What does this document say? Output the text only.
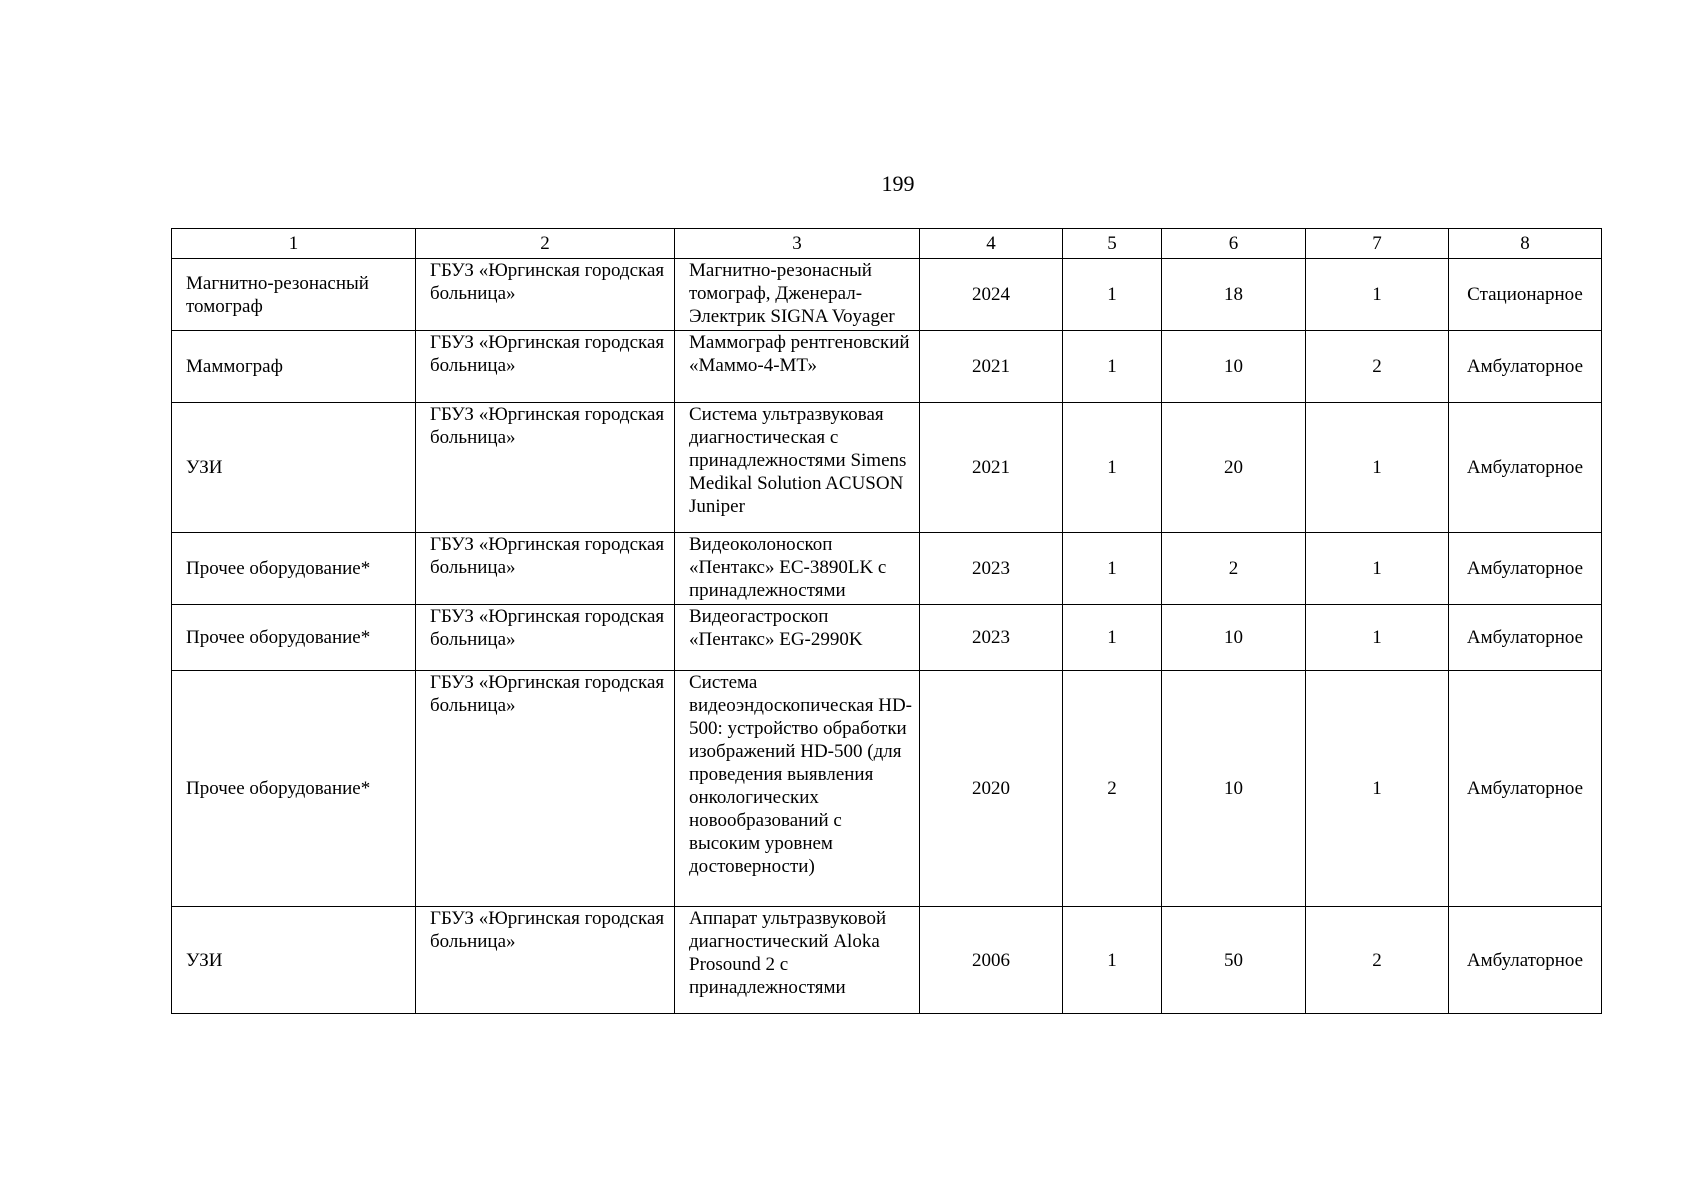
199
1	2	3	4	5	6	7	8
Магнитно-резонасный томограф	ГБУЗ «Юргинская городская больница»	Магнитно-резонасный томограф, Дженерал-Электрик SIGNA Voyager	2024	1	18	1	Стационарное
Маммограф	ГБУЗ «Юргинская городская больница»	Маммограф рентгеновский «Маммо-4-МТ»	2021	1	10	2	Амбулаторное
УЗИ	ГБУЗ «Юргинская городская больница»	Система ультразвуковая диагностическая с принадлежностями Simens Medikal Solution ACUSON Juniper	2021	1	20	1	Амбулаторное
Прочее оборудование*	ГБУЗ «Юргинская городская больница»	Видеоколоноскоп «Пентакс» EC-3890LK с принадлежностями	2023	1	2	1	Амбулаторное
Прочее оборудование*	ГБУЗ «Юргинская городская больница»	Видеогастроскоп «Пентакс» EG-2990K	2023	1	10	1	Амбулаторное
Прочее оборудование*	ГБУЗ «Юргинская городская больница»	Система видеоэндоскопическая HD-500: устройство обработки изображений HD-500 (для проведения выявления онкологических новообразований с высоким уровнем достоверности)	2020	2	10	1	Амбулаторное
УЗИ	ГБУЗ «Юргинская городская больница»	Аппарат ультразвуковой диагностический Aloka Prosound 2 с принадлежностями	2006	1	50	2	Амбулаторное
